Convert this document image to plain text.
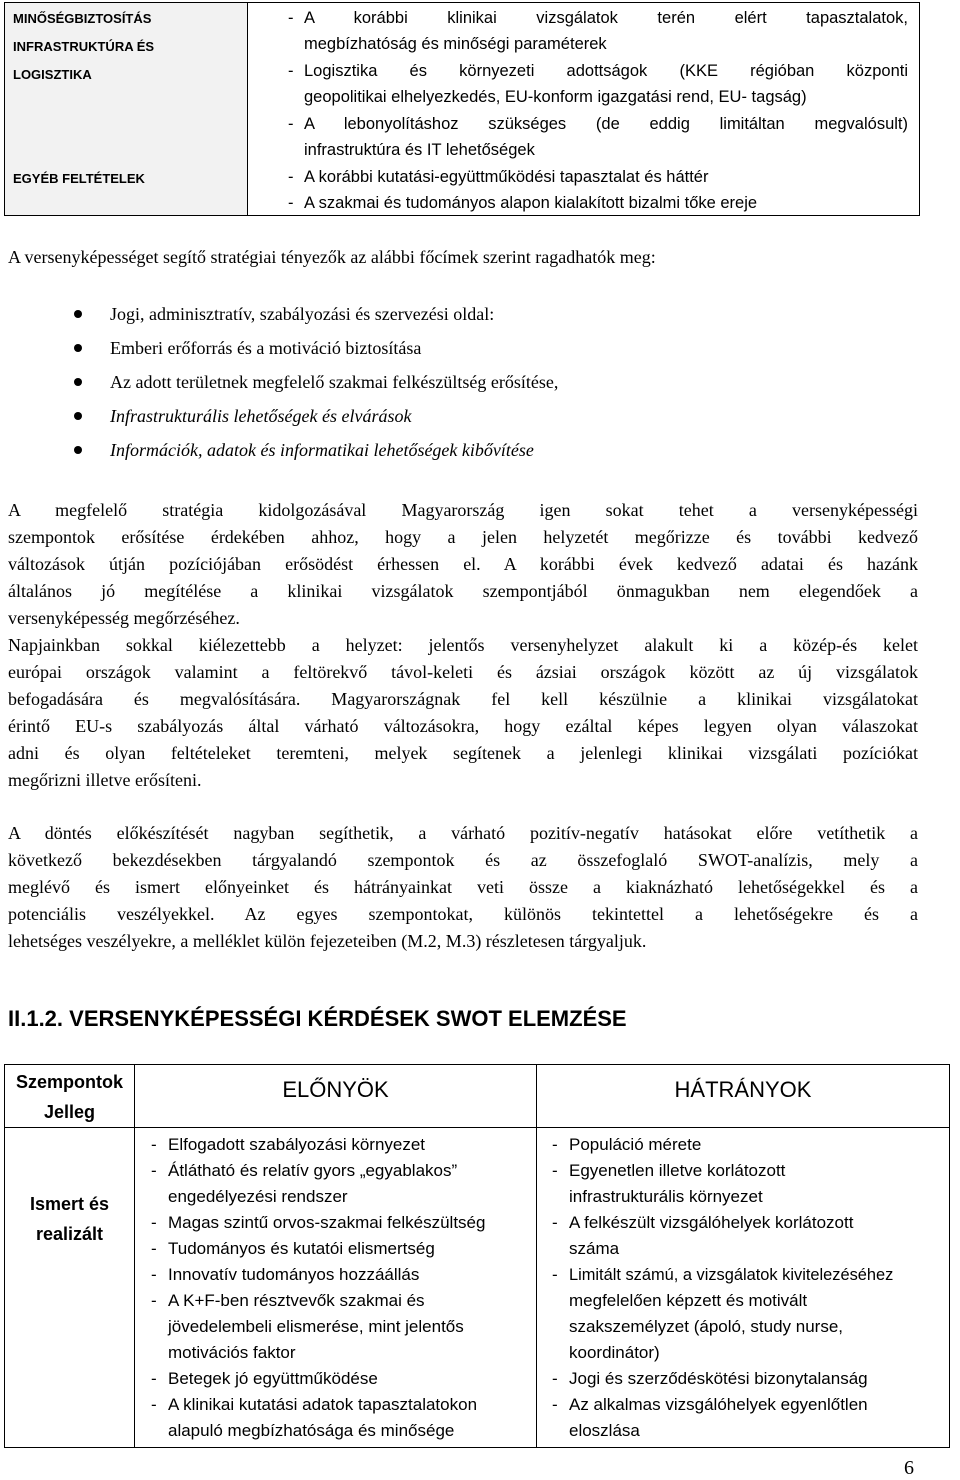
MINŐSÉGBIZTOSÍTÁS
INFRASTRUKTÚRA ÉS
LOGISZTIKA
EGYÉB FELTÉTELEK
- A korábbi klinikai vizsgálatok terén elért tapasztalatok,
megbízhatóság és minőségi paraméterek
- Logisztika és környezeti adottságok (KKE régióban központi
geopolitikai elhelyezkedés, EU-konform igazgatási rend, EU- tagság)
- A lebonyolításhoz szükséges (de eddig limitáltan megvalósult)
infrastruktúra és IT lehetőségek
- A korábbi kutatási-együttműködési tapasztalat és háttér
- A szakmai és tudományos alapon kialakított bizalmi tőke ereje
A versenyképességet segítő stratégiai tényezők az alábbi főcímek szerint ragadhatók meg:
Jogi, adminisztratív, szabályozási és szervezési oldal:
Emberi erőforrás és a motiváció biztosítása
Az adott területnek megfelelő szakmai felkészültség erősítése,
Infrastrukturális lehetőségek és elvárások
Információk, adatok és informatikai lehetőségek kibővítése
A megfelelő stratégia kidolgozásával Magyarország igen sokat tehet a versenyképességi
szempontok erősítése érdekében ahhoz, hogy a jelen helyzetét megőrizze és további kedvező
változások útján pozíciójában erősödést érhessen el. A korábbi évek kedvező adatai és hazánk
általános jó megítélése a klinikai vizsgálatok szempontjából önmagukban nem elegendőek a
versenyképesség megőrzéséhez.
Napjainkban sokkal kiélezettebb a helyzet: jelentős versenyhelyzet alakult ki a közép-és kelet
európai országok valamint a feltörekvő távol-keleti és ázsiai országok között az új vizsgálatok
befogadására és megvalósítására. Magyarországnak fel kell készülnie a klinikai vizsgálatokat
érintő EU-s szabályozás által várható változásokra, hogy ezáltal képes legyen olyan válaszokat
adni és olyan feltételeket teremteni, melyek segítenek a jelenlegi klinikai vizsgálati pozíciókat
megőrizni illetve erősíteni.
A döntés előkészítését nagyban segíthetik, a várható pozitív-negatív hatásokat előre vetíthetik a
következő bekezdésekben tárgyalandó szempontok és az összefoglaló SWOT-analízis, mely a
meglévő és ismert előnyeinket és hátrányainkat veti össze a kiaknázható lehetőségekkel és a
potenciális veszélyekkel. Az egyes szempontokat, különös tekintettel a lehetőségekre és a
lehetséges veszélyekre, a melléklet külön fejezeteiben (M.2, M.3) részletesen tárgyaljuk.
II.1.2. VERSENYKÉPESSÉGI KÉRDÉSEK SWOT ELEMZÉSE
Szempontok
Jelleg
ELŐNYÖK	HÁTRÁNYOK
Ismert és
realizált
- Elfogadott szabályozási környezet
- Átlátható és relatív gyors „egyablakos”
engedélyezési rendszer
- Magas szintű orvos-szakmai felkészültség
- Tudományos és kutatói elismertség
- Innovatív tudományos hozzáállás
- A K+F-ben résztvevők szakmai és
jövedelembeli elismerése, mint jelentős
motivációs faktor
- Betegek jó együttműködése
- A klinikai kutatási adatok tapasztalatokon
alapuló megbízhatósága és minősége
- Populáció mérete
- Egyenetlen illetve korlátozott
infrastrukturális környezet
- A felkészült vizsgálóhelyek korlátozott
száma
- Limitált számú, a vizsgálatok kivitelezéséhez
megfelelően képzett és motivált
szakszemélyzet (ápoló, study nurse,
koordinátor)
- Jogi és szerződéskötési bizonytalanság
- Az alkalmas vizsgálóhelyek egyenlőtlen
eloszlása
6
